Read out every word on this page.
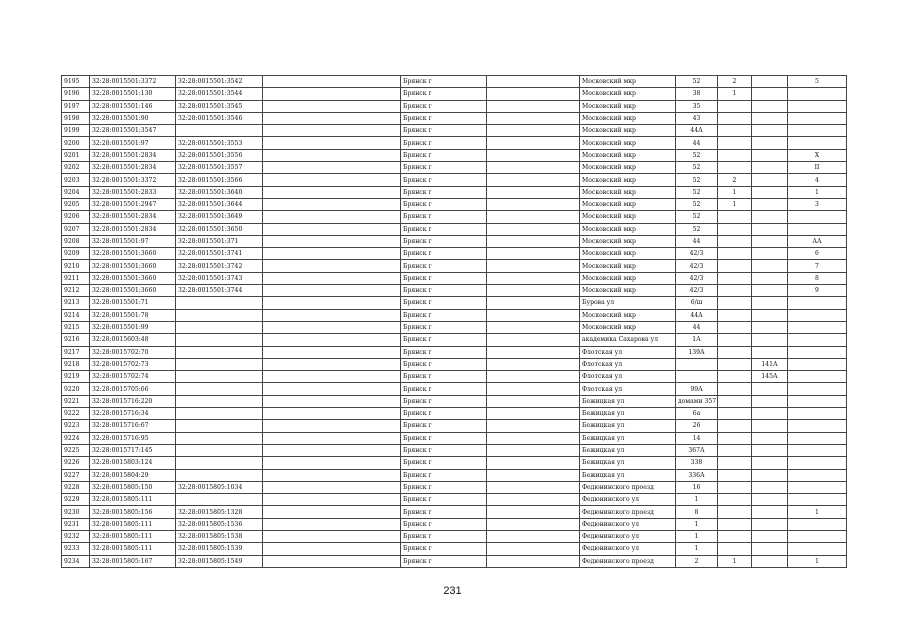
9195	32:28:0015501:3372	32:28:0015501:3542		Брянск г		Московский мкр	52	2		5
9196	32:28:0015501:130	32:28:0015501:3544		Брянск г		Московский мкр	38	1		
9197	32:28:0015501:146	32:28:0015501:3545		Брянск г		Московский мкр	35			
9198	32:28:0015501:90	32:28:0015501:3546		Брянск г		Московский мкр	43			
9199	32:28:0015501:3547			Брянск г		Московский мкр	44А			
9200	32:28:0015501:97	32:28:0015501:3553		Брянск г		Московский мкр	44			
9201	32:28:0015501:2834	32:28:0015501:3556		Брянск г		Московский мкр	52			X
9202	32:28:0015501:2834	32:28:0015501:3557		Брянск г		Московский мкр	52			II
9203	32:28:0015501:3372	32:28:0015501:3566		Брянск г		Московский мкр	52	2		4
9204	32:28:0015501:2833	32:28:0015501:3640		Брянск г		Московский мкр	52	1		1
9205	32:28:0015501:2947	32:28:0015501:3644		Брянск г		Московский мкр	52	1		3
9206	32:28:0015501:2834	32:28:0015501:3649		Брянск г		Московский мкр	52			
9207	32:28:0015501:2834	32:28:0015501:3650		Брянск г		Московский мкр	52			
9208	32:28:0015501:97	32:28:0015501:371		Брянск г		Московский мкр	44			АА
9209	32:28:0015501:3660	32:28:0015501:3741		Брянск г		Московский мкр	42/3			6
9210	32:28:0015501:3660	32:28:0015501:3742		Брянск г		Московский мкр	42/3			7
9211	32:28:0015501:3660	32:28:0015501:3743		Брянск г		Московский мкр	42/3			8
9212	32:28:0015501:3660	32:28:0015501:3744		Брянск г		Московский мкр	42/3			9
9213	32:28:0015501:71			Брянск г		Бурова ул	6/ш			
9214	32:28:0015501:78			Брянск г		Московский мкр	44А			
9215	32:28:0015501:99			Брянск г		Московский мкр	44			
9216	32:28:0015603:48			Брянск г		академика Сахарова ул	1А			
9217	32:28:0015702:70			Брянск г		Флотская ул	139А			
9218	32:28:0015702:73			Брянск г		Флотская ул			141А	
9219	32:28:0015702:74			Брянск г		Флотская ул			145А	
9220	32:28:0015705:66			Брянск г		Флотская ул	99А			
9221	32:28:0015716:220			Брянск г		Бежицкая ул	домами 357			
9222	32:28:0015716:34			Брянск г		Бежицкая ул	6а			
9223	32:28:0015716:67			Брянск г		Бежицкая ул	26			
9224	32:28:0015716:95			Брянск г		Бежицкая ул	14			
9225	32:28:0015717:145			Брянск г		Бежицкая ул	367А			
9226	32:28:0015803:124			Брянск г		Бежицкая ул	338			
9227	32:28:0015804:29			Брянск г		Бежицкая ул	336А			
9228	32:28:0015805:150	32:28:0015805:1034		Брянск г		Федюнинского проезд	16			
9229	32:28:0015805:111			Брянск г		Федюнинского ул	1			
9230	32:28:0015805:156	32:28:0015805:1328		Брянск г		Федюнинского проезд	8			1
9231	32:28:0015805:111	32:28:0015805:1536		Брянск г		Федюнинского ул	1			
9232	32:28:0015805:111	32:28:0015805:1538		Брянск г		Федюнинского ул	1			
9233	32:28:0015805:111	32:28:0015805:1539		Брянск г		Федюнинского ул	1			
9234	32:28:0015805:167	32:28:0015805:1549		Брянск г		Федюнинского проезд	2	1		1
231
